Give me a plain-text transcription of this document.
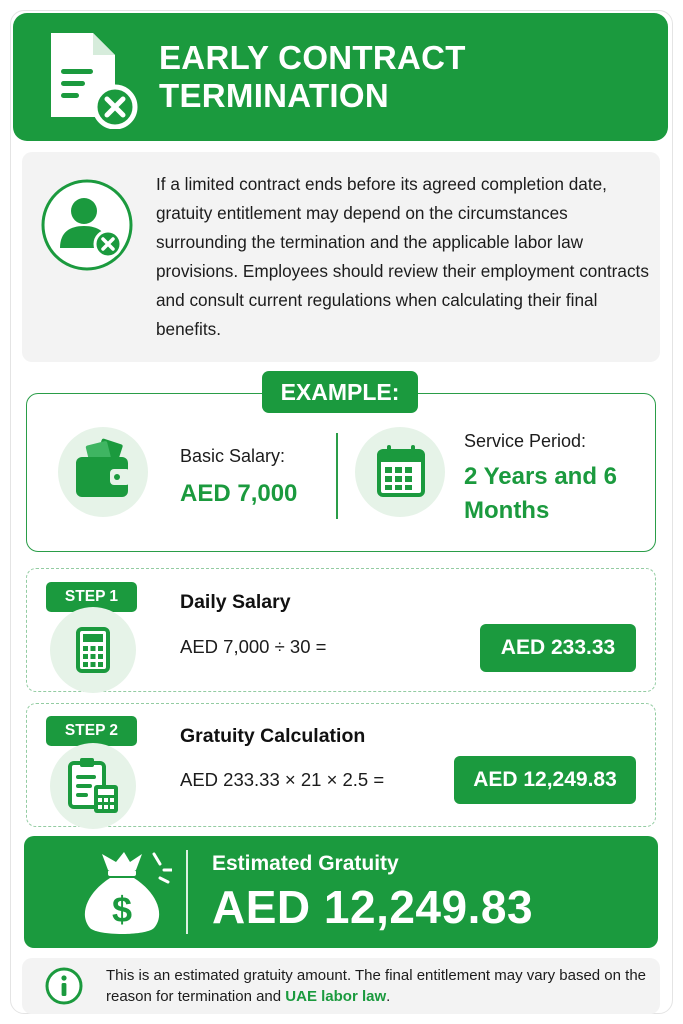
EARLY CONTRACT TERMINATION

If a limited contract ends before its agreed completion date, gratuity entitlement may depend on the circumstances surrounding the termination and the applicable labor law provisions. Employees should review their employment contracts and consult current regulations when calculating their final benefits.

EXAMPLE:
Basic Salary:
AED 7,000
Service Period:
2 Years and 6 Months
STEP 1	Daily Salary
AED 7,000 ÷ 30 =	AED 233.33
STEP 2	Gratuity Calculation
AED 233.33 × 21 × 2.5 =	AED 12,249.83
$
Estimated Gratuity
AED 12,249.83

This is an estimated gratuity amount. The final entitlement may vary based on the reason for termination and UAE labor law.
